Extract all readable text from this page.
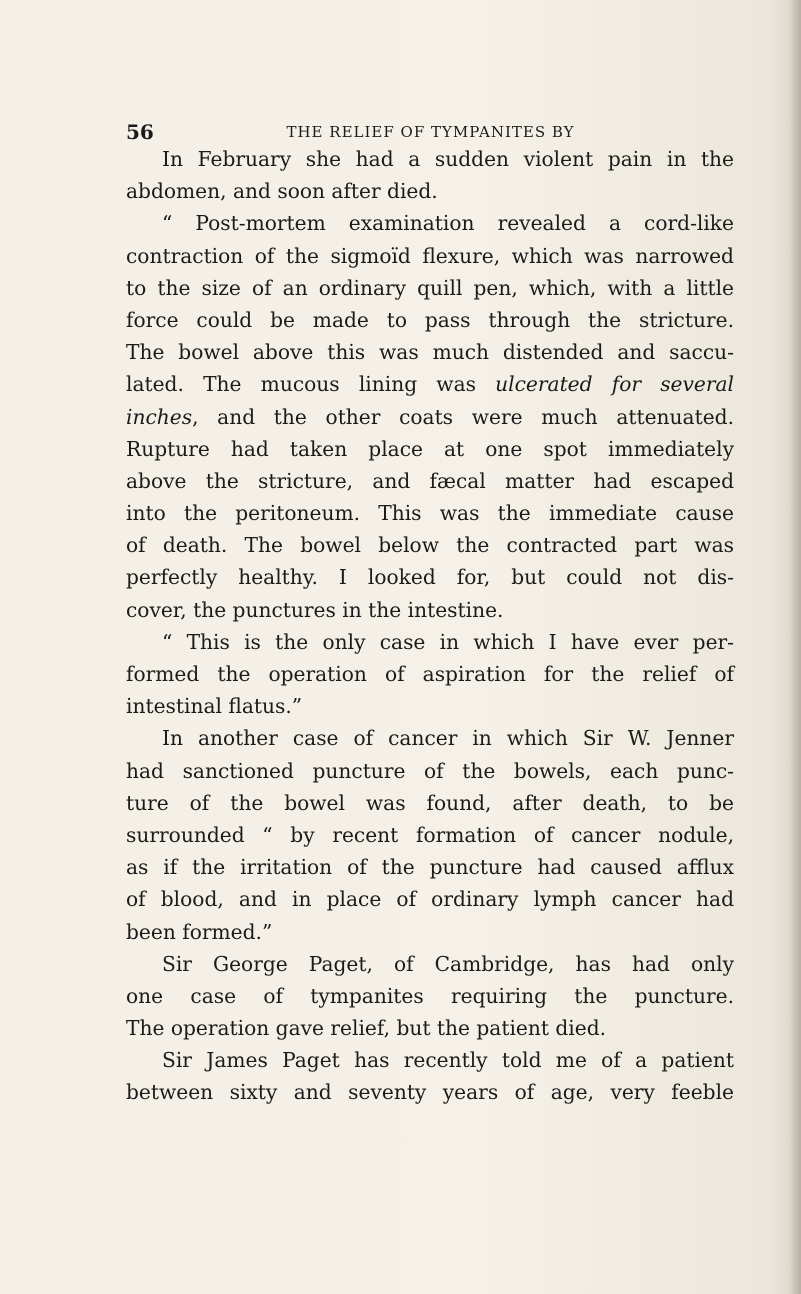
56	THE RELIEF OF TYMPANITES BY
In February she had a sudden violent pain in the
abdomen, and soon after died.
“ Post-mortem examination revealed a cord-like
contraction of the sigmoïd flexure, which was narrowed
to the size of an ordinary quill pen, which, with a little
force could be made to pass through the stricture.
The bowel above this was much distended and saccu-
lated. The mucous lining was ulcerated for several
inches, and the other coats were much attenuated.
Rupture had taken place at one spot immediately
above the stricture, and fæcal matter had escaped
into the peritoneum. This was the immediate cause
of death. The bowel below the contracted part was
perfectly healthy. I looked for, but could not dis-
cover, the punctures in the intestine.
“ This is the only case in which I have ever per-
formed the operation of aspiration for the relief of
intestinal flatus.”
In another case of cancer in which Sir W. Jenner
had sanctioned puncture of the bowels, each punc-
ture of the bowel was found, after death, to be
surrounded “ by recent formation of cancer nodule,
as if the irritation of the puncture had caused afflux
of blood, and in place of ordinary lymph cancer had
been formed.”
Sir George Paget, of Cambridge, has had only
one case of tympanites requiring the puncture.
The operation gave relief, but the patient died.
Sir James Paget has recently told me of a patient
between sixty and seventy years of age, very feeble
